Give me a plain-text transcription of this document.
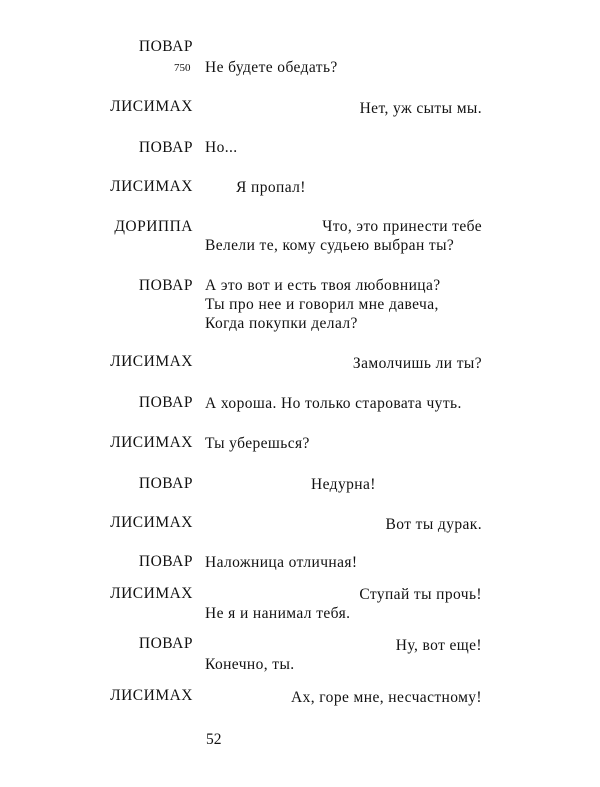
ПОВАР
750 Не будете обедать?
ЛИСИМАХ	Нет, уж сыты мы.
ПОВАР Но...
ЛИСИМАХ	Я пропал!
ДОРИППА	Что, это принести тебе
Велели те, кому судьею выбран ты?
ПОВАР А это вот и есть твоя любовница?
Ты про нее и говорил мне давеча,
Когда покупки делал?
ЛИСИМАХ	Замолчишь ли ты?
ПОВАР А хороша. Но только староватa чуть.
ЛИСИМАХ Ты уберешься?
ПОВАР	Недурна!
ЛИСИМАХ	Вот ты дурак.
ПОВАР Наложница отличная!
ЛИСИМАХ	Ступай ты прочь!
Не я и нанимал тебя.
ПОВАР	Ну, вот еще!
Конечно, ты.
ЛИСИМАХ	Ах, горе мне, несчастному!
52
